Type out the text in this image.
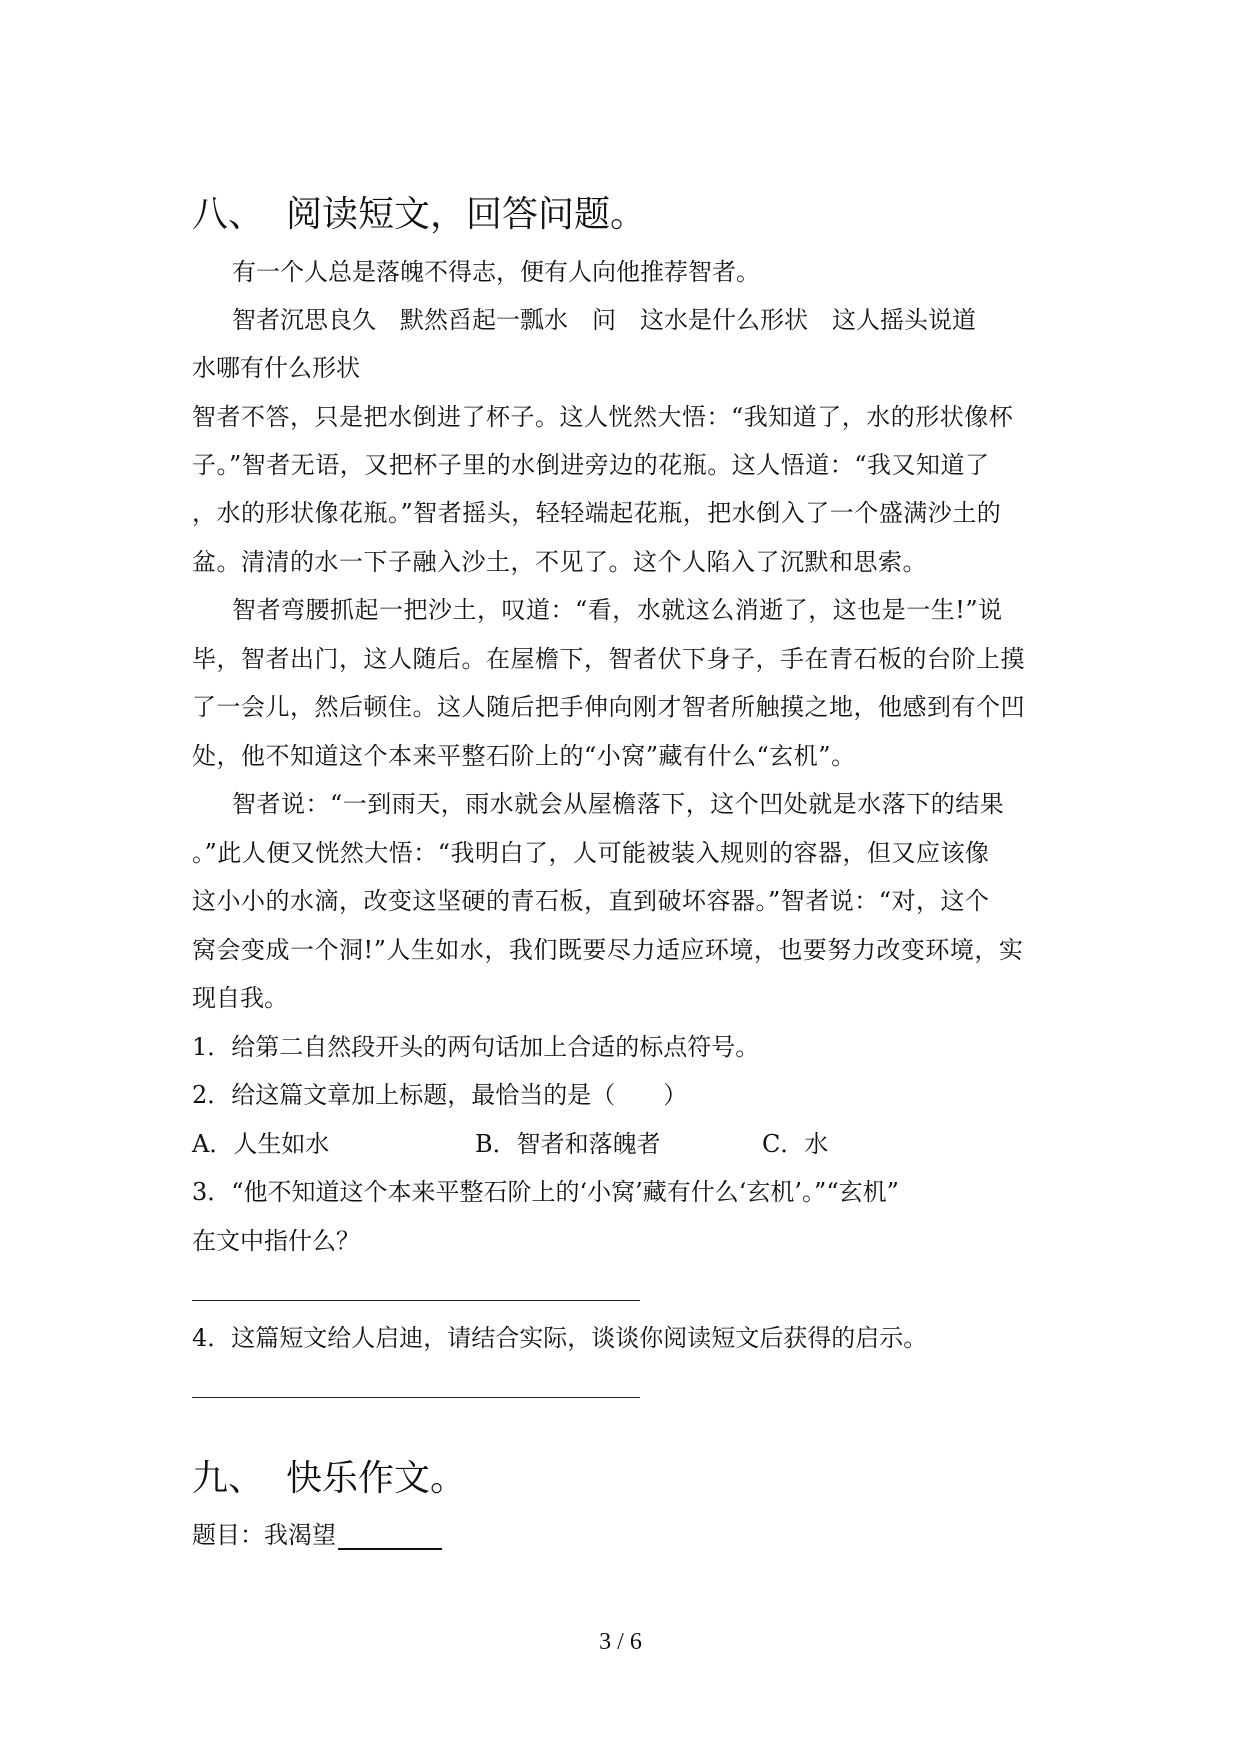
八、 阅读短文，回答问题。
有一个人总是落魄不得志，便有人向他推荐智者。
智者沉思良久　默然舀起一瓢水　问　这水是什么形状　这人摇头说道
水哪有什么形状
智者不答，只是把水倒进了杯子。这人恍然大悟：“我知道了，水的形状像杯
子。”智者无语，又把杯子里的水倒进旁边的花瓶。这人悟道：“我又知道了
，水的形状像花瓶。”智者摇头，轻轻端起花瓶，把水倒入了一个盛满沙土的
盆。清清的水一下子融入沙土，不见了。这个人陷入了沉默和思索。
智者弯腰抓起一把沙土，叹道：“看，水就这么消逝了，这也是一生!”说
毕，智者出门，这人随后。在屋檐下，智者伏下身子，手在青石板的台阶上摸
了一会儿，然后顿住。这人随后把手伸向刚才智者所触摸之地，他感到有个凹
处，他不知道这个本来平整石阶上的“小窝”藏有什么“玄机”。
智者说：“一到雨天，雨水就会从屋檐落下，这个凹处就是水落下的结果
。”此人便又恍然大悟：“我明白了，人可能被装入规则的容器，但又应该像
这小小的水滴，改变这坚硬的青石板，直到破坏容器。”智者说：“对，这个
窝会变成一个洞!”人生如水，我们既要尽力适应环境，也要努力改变环境，实
现自我。
1．给第二自然段开头的两句话加上合适的标点符号。
2．给这篇文章加上标题，最恰当的是（　　）
A．人生如水	B．智者和落魄者	C．水
3．“他不知道这个本来平整石阶上的‘小窝’藏有什么‘玄机’。”“玄机”
在文中指什么？
4．这篇短文给人启迪，请结合实际，谈谈你阅读短文后获得的启示。
九、 快乐作文。
题目：我渴望
3 / 6
